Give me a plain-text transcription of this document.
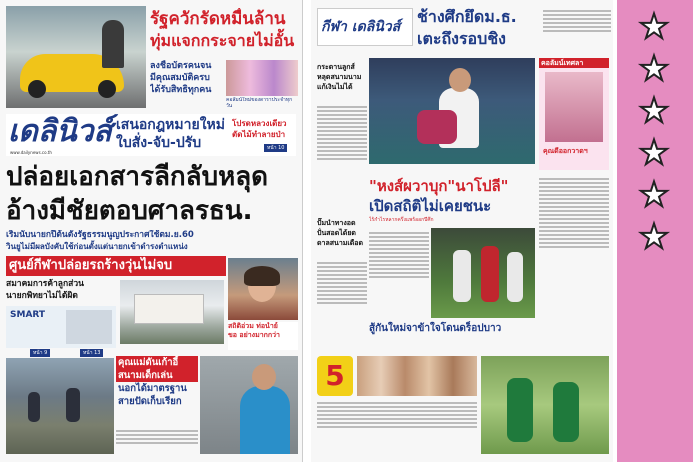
รัฐควักรัดหมื่นล้าน
ทุ่มแจกกระจายไม่อั้น
ลงชื่อบัตรคนจน
มีคุณสมบัติครบ
ได้รับสิทธิทุกคน
คอลัมน์ใหม่ของดาราประจำทุกวัน
เดลินิวส์
www.dailynews.co.th
เสนอกฎหมายใหม่
ใบสั่ง-จับ-ปรับ
โปรดหลวงเดียว
ตัดไม้ทำลายป่า
หน้า 10
ปล่อยเอกสารลีกลับหลุด
อ้างมีชัยตอบศาลรธน.
เริ่มนับนายกปีต้นตั้งรัฐธรรมนูญประกาศใช้ตม.ย.60
วินยูไม่มีผลบังคับใช้ก่อนตั้งแต่นายกเข้าดำรงตำแหน่ง
ศูนย์กีฬาปล่อยรถร้างวุ่นไม่จบ
สมาคมการค้าลูกส่วน
นายกพิทยาไม่ได้ผิด
SMART
สถิติอ่วม ท่อน้ำย์
ขอ อย่างมากกว่า
หน้า 9	หน้า 13
คุณแม่ดันเก้าอี้
สนามเด็กเล่น
นอกได้มาตรฐาน
สายปัดเก็บเรียก
กีฬา เดลินิวส์
ช้างศึกยึดม.ธ.
เตะถึงรอบชิง
กระดานลูกส์
หลุดสนามนาม
แก้เงินไม่ได้
ปั๊มนำทางอด
ปั่นสอดได้ยด
ดาลสนามเดือด
คอลัมน์เทศลา
คุณดีออกวาดฯ
"หงส์ผวาบุก"นาโปลี"
เปิดสถิติไม่เคยชนะ
ไร้กำไรหลากครึ่งแพร้ออกปีศึก
สู้กันใหม่จาข้าใจโดนดร็อปบาว
5
★
★
★
★
★
★
